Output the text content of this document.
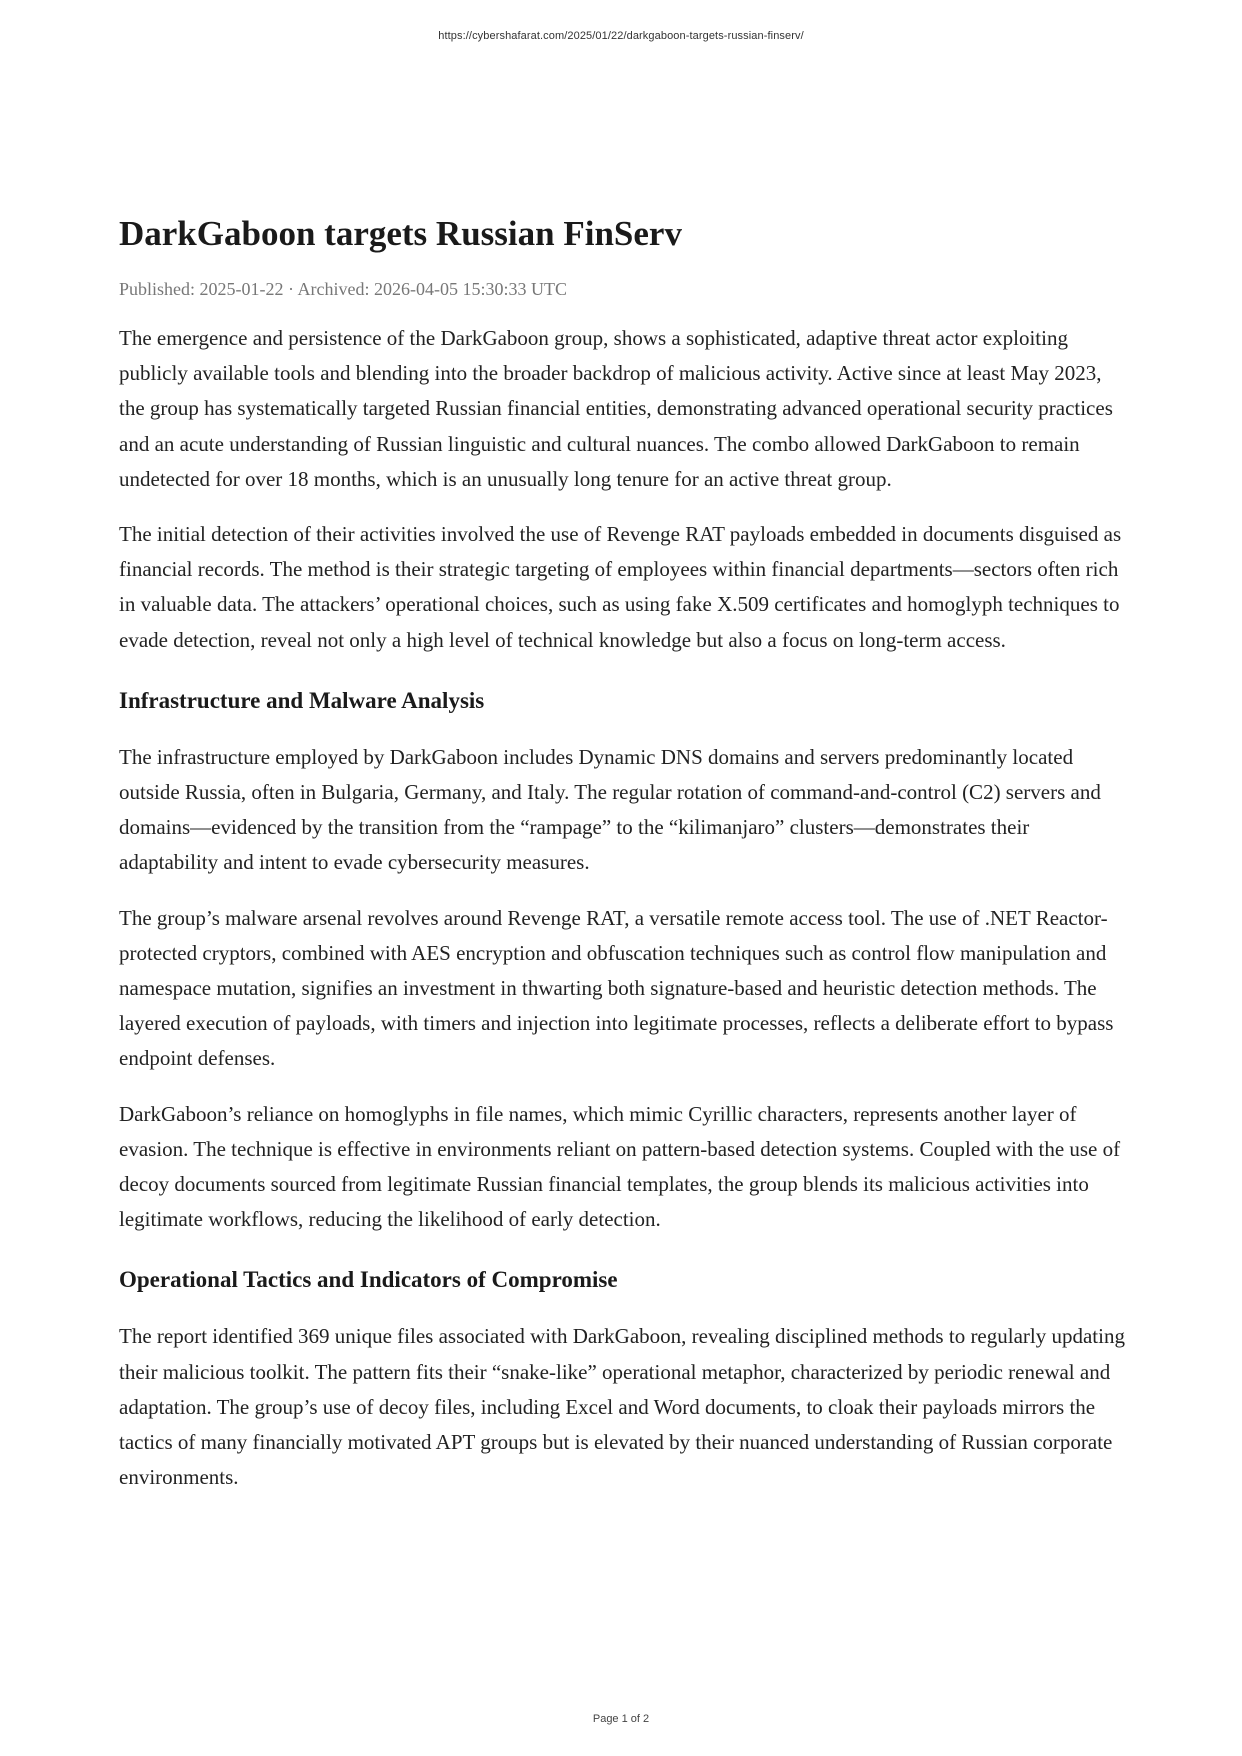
https://cybershafarat.com/2025/01/22/darkgaboon-targets-russian-finserv/
DarkGaboon targets Russian FinServ
Published: 2025-01-22 · Archived: 2026-04-05 15:30:33 UTC

The emergence and persistence of the DarkGaboon group, shows a sophisticated, adaptive threat actor exploiting publicly available tools and blending into the broader backdrop of malicious activity. Active since at least May 2023, the group has systematically targeted Russian financial entities, demonstrating advanced operational security practices and an acute understanding of Russian linguistic and cultural nuances. The combo allowed DarkGaboon to remain undetected for over 18 months, which is an unusually long tenure for an active threat group.

The initial detection of their activities involved the use of Revenge RAT payloads embedded in documents disguised as financial records. The method is their strategic targeting of employees within financial departments—sectors often rich in valuable data. The attackers’ operational choices, such as using fake X.509 certificates and homoglyph techniques to evade detection, reveal not only a high level of technical knowledge but also a focus on long-term access.

Infrastructure and Malware Analysis

The infrastructure employed by DarkGaboon includes Dynamic DNS domains and servers predominantly located outside Russia, often in Bulgaria, Germany, and Italy. The regular rotation of command-and-control (C2) servers and domains—evidenced by the transition from the “rampage” to the “kilimanjaro” clusters—demonstrates their adaptability and intent to evade cybersecurity measures.

The group’s malware arsenal revolves around Revenge RAT, a versatile remote access tool. The use of .NET Reactor-protected cryptors, combined with AES encryption and obfuscation techniques such as control flow manipulation and namespace mutation, signifies an investment in thwarting both signature-based and heuristic detection methods. The layered execution of payloads, with timers and injection into legitimate processes, reflects a deliberate effort to bypass endpoint defenses.

DarkGaboon’s reliance on homoglyphs in file names, which mimic Cyrillic characters, represents another layer of evasion. The technique is effective in environments reliant on pattern-based detection systems. Coupled with the use of decoy documents sourced from legitimate Russian financial templates, the group blends its malicious activities into legitimate workflows, reducing the likelihood of early detection.

Operational Tactics and Indicators of Compromise

The report identified 369 unique files associated with DarkGaboon, revealing disciplined methods to regularly updating their malicious toolkit. The pattern fits their “snake-like” operational metaphor, characterized by periodic renewal and adaptation. The group’s use of decoy files, including Excel and Word documents, to cloak their payloads mirrors the tactics of many financially motivated APT groups but is elevated by their nuanced understanding of Russian corporate environments.

Page 1 of 2
